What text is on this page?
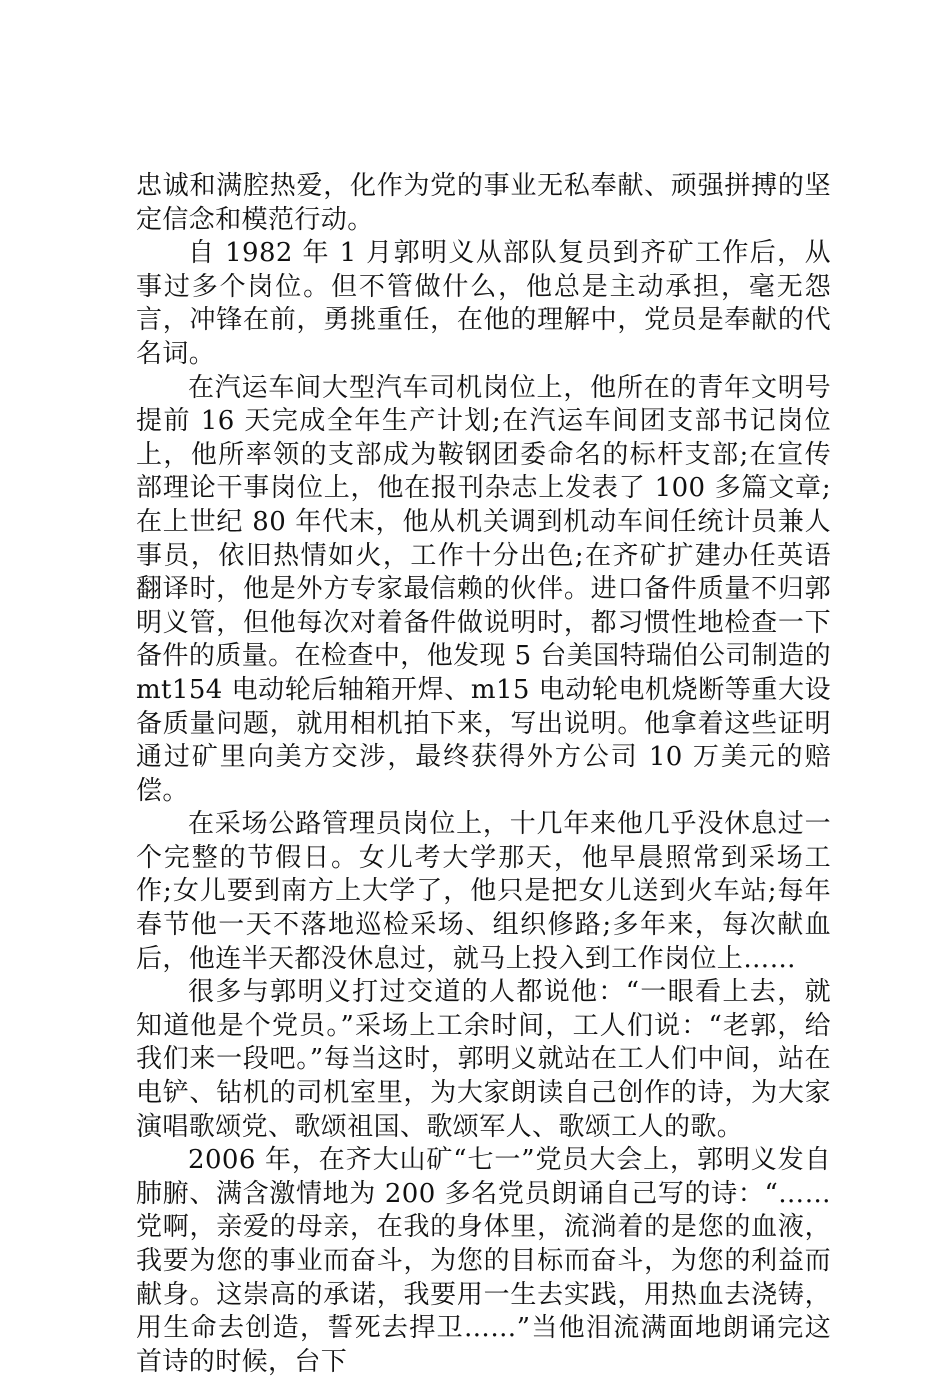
忠诚和满腔热爱，化作为党的事业无私奉献、顽强拼搏的坚定信念和模范行动。

自 1982 年 1 月郭明义从部队复员到齐矿工作后，从事过多个岗位。但不管做什么，他总是主动承担，毫无怨言，冲锋在前，勇挑重任，在他的理解中，党员是奉献的代名词。

在汽运车间大型汽车司机岗位上，他所在的青年文明号提前 16 天完成全年生产计划;在汽运车间团支部书记岗位上，他所率领的支部成为鞍钢团委命名的标杆支部;在宣传部理论干事岗位上，他在报刊杂志上发表了 100 多篇文章;在上世纪 80 年代末，他从机关调到机动车间任统计员兼人事员，依旧热情如火，工作十分出色;在齐矿扩建办任英语翻译时，他是外方专家最信赖的伙伴。进口备件质量不归郭明义管，但他每次对着备件做说明时，都习惯性地检查一下备件的质量。在检查中，他发现 5 台美国特瑞伯公司制造的 mt154 电动轮后轴箱开焊、m15 电动轮电机烧断等重大设备质量问题，就用相机拍下来，写出说明。他拿着这些证明通过矿里向美方交涉，最终获得外方公司 10 万美元的赔偿。

在采场公路管理员岗位上，十几年来他几乎没休息过一个完整的节假日。女儿考大学那天，他早晨照常到采场工作;女儿要到南方上大学了，他只是把女儿送到火车站;每年春节他一天不落地巡检采场、组织修路;多年来，每次献血后，他连半天都没休息过，就马上投入到工作岗位上……

很多与郭明义打过交道的人都说他：“一眼看上去，就知道他是个党员。”采场上工余时间，工人们说：“老郭，给我们来一段吧。”每当这时，郭明义就站在工人们中间，站在电铲、钻机的司机室里，为大家朗读自己创作的诗，为大家演唱歌颂党、歌颂祖国、歌颂军人、歌颂工人的歌。

2006 年，在齐大山矿“七一”党员大会上，郭明义发自肺腑、满含激情地为 200 多名党员朗诵自己写的诗：“……党啊，亲爱的母亲，在我的身体里，流淌着的是您的血液，我要为您的事业而奋斗，为您的目标而奋斗，为您的利益而献身。这崇高的承诺，我要用一生去实践，用热血去浇铸，用生命去创造，誓死去捍卫……”当他泪流满面地朗诵完这首诗的时候，台下
